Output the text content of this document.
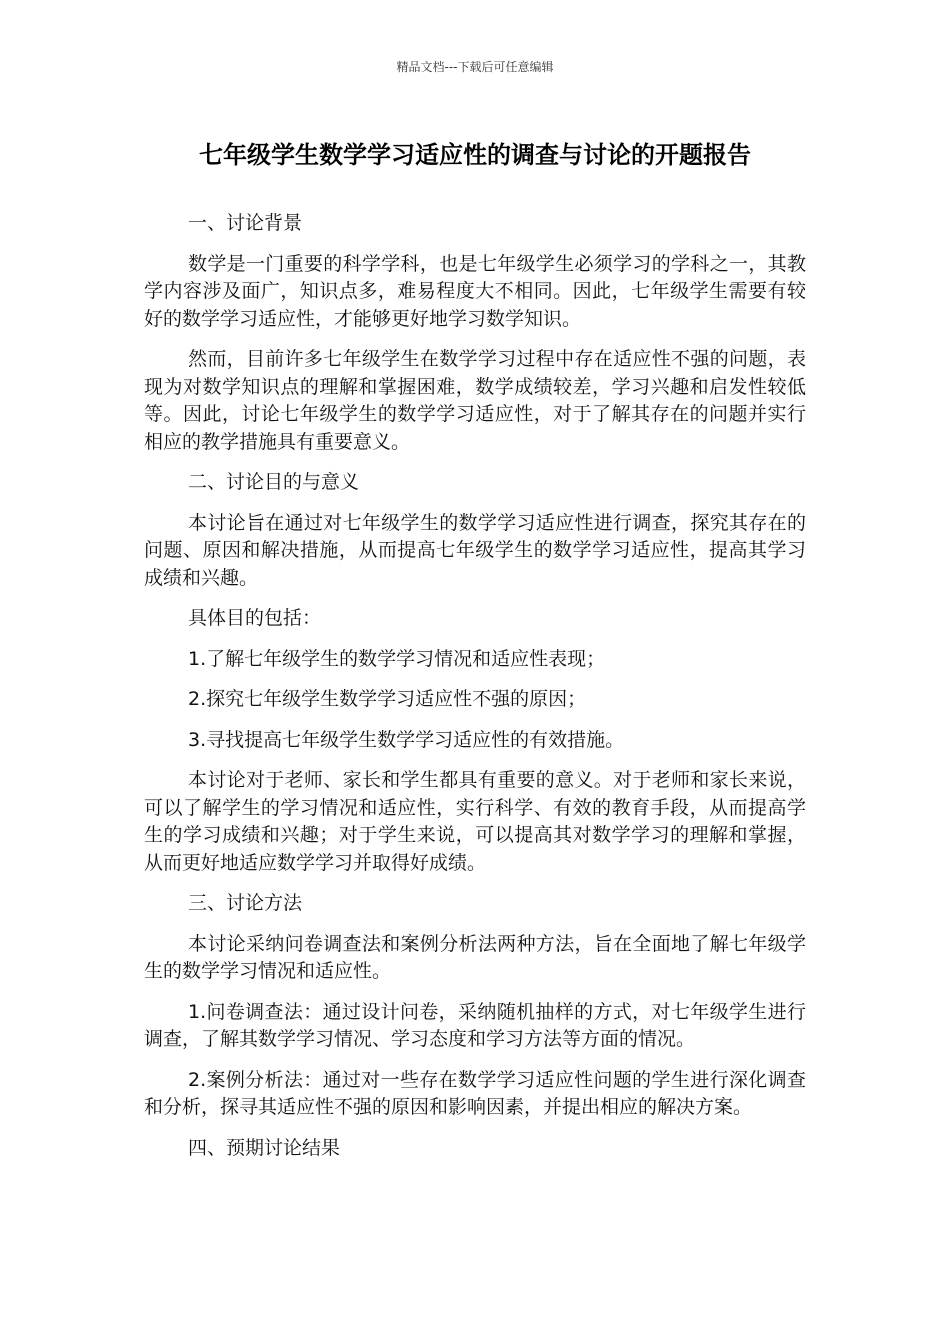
精品文档---下载后可任意编辑
七年级学生数学学习适应性的调查与讨论的开题报告

一、讨论背景

数学是一门重要的科学学科，也是七年级学生必须学习的学科之一，其教学内容涉及面广，知识点多，难易程度大不相同。因此，七年级学生需要有较好的数学学习适应性，才能够更好地学习数学知识。

然而，目前许多七年级学生在数学学习过程中存在适应性不强的问题，表现为对数学知识点的理解和掌握困难，数学成绩较差，学习兴趣和启发性较低等。因此，讨论七年级学生的数学学习适应性，对于了解其存在的问题并实行相应的教学措施具有重要意义。

二、讨论目的与意义

本讨论旨在通过对七年级学生的数学学习适应性进行调查，探究其存在的问题、原因和解决措施，从而提高七年级学生的数学学习适应性，提高其学习成绩和兴趣。

具体目的包括：

1.了解七年级学生的数学学习情况和适应性表现；

2.探究七年级学生数学学习适应性不强的原因；

3.寻找提高七年级学生数学学习适应性的有效措施。

本讨论对于老师、家长和学生都具有重要的意义。对于老师和家长来说，可以了解学生的学习情况和适应性，实行科学、有效的教育手段，从而提高学生的学习成绩和兴趣；对于学生来说，可以提高其对数学学习的理解和掌握，从而更好地适应数学学习并取得好成绩。

三、讨论方法

本讨论采纳问卷调查法和案例分析法两种方法，旨在全面地了解七年级学生的数学学习情况和适应性。

1.问卷调查法：通过设计问卷，采纳随机抽样的方式，对七年级学生进行调查，了解其数学学习情况、学习态度和学习方法等方面的情况。

2.案例分析法：通过对一些存在数学学习适应性问题的学生进行深化调查和分析，探寻其适应性不强的原因和影响因素，并提出相应的解决方案。

四、预期讨论结果
